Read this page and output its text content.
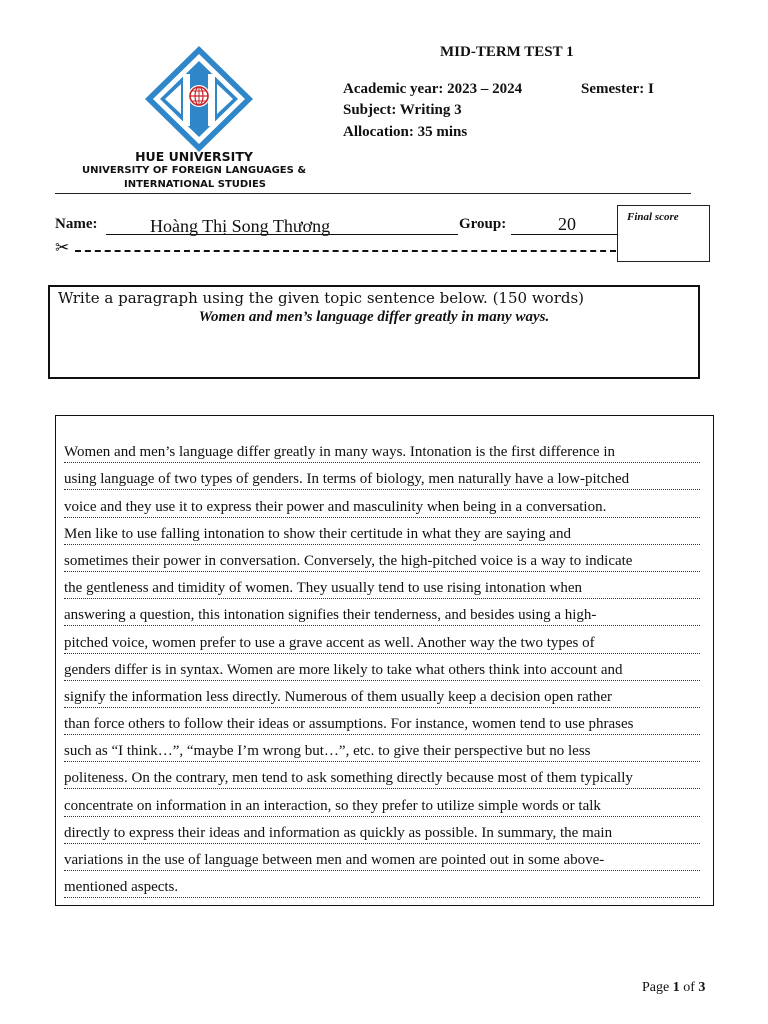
HUE UNIVERSITY
UNIVERSITY OF FOREIGN LANGUAGES &
INTERNATIONAL STUDIES
MID-TERM TEST 1
Academic year: 2023 – 2024	Semester: I
Subject: Writing 3
Allocation: 35 mins
Name:	Hoàng Thị Song Thương	Group:	20	Final score
✂
Write a paragraph using the given topic sentence below. (150 words)
Women and men’s language differ greatly in many ways.
Women and men’s language differ greatly in many ways. Intonation is the first difference in
using language of two types of genders. In terms of biology, men naturally have a low-pitched
voice and they use it to express their power and masculinity when being in a conversation.
Men like to use falling intonation to show their certitude in what they are saying and
sometimes their power in conversation. Conversely, the high-pitched voice is a way to indicate
the gentleness and timidity of women. They usually tend to use rising intonation when
answering a question, this intonation signifies their tenderness, and besides using a high-
pitched voice, women prefer to use a grave accent as well. Another way the two types of
genders differ is in syntax. Women are more likely to take what others think into account and
signify the information less directly. Numerous of them usually keep a decision open rather
than force others to follow their ideas or assumptions. For instance, women tend to use phrases
such as “I think…”, “maybe I’m wrong but…”, etc. to give their perspective but no less
politeness. On the contrary, men tend to ask something directly because most of them typically
concentrate on information in an interaction, so they prefer to utilize simple words or talk
directly to express their ideas and information as quickly as possible. In summary, the main
variations in the use of language between men and women are pointed out in some above-
mentioned aspects.
Page 1 of 3
